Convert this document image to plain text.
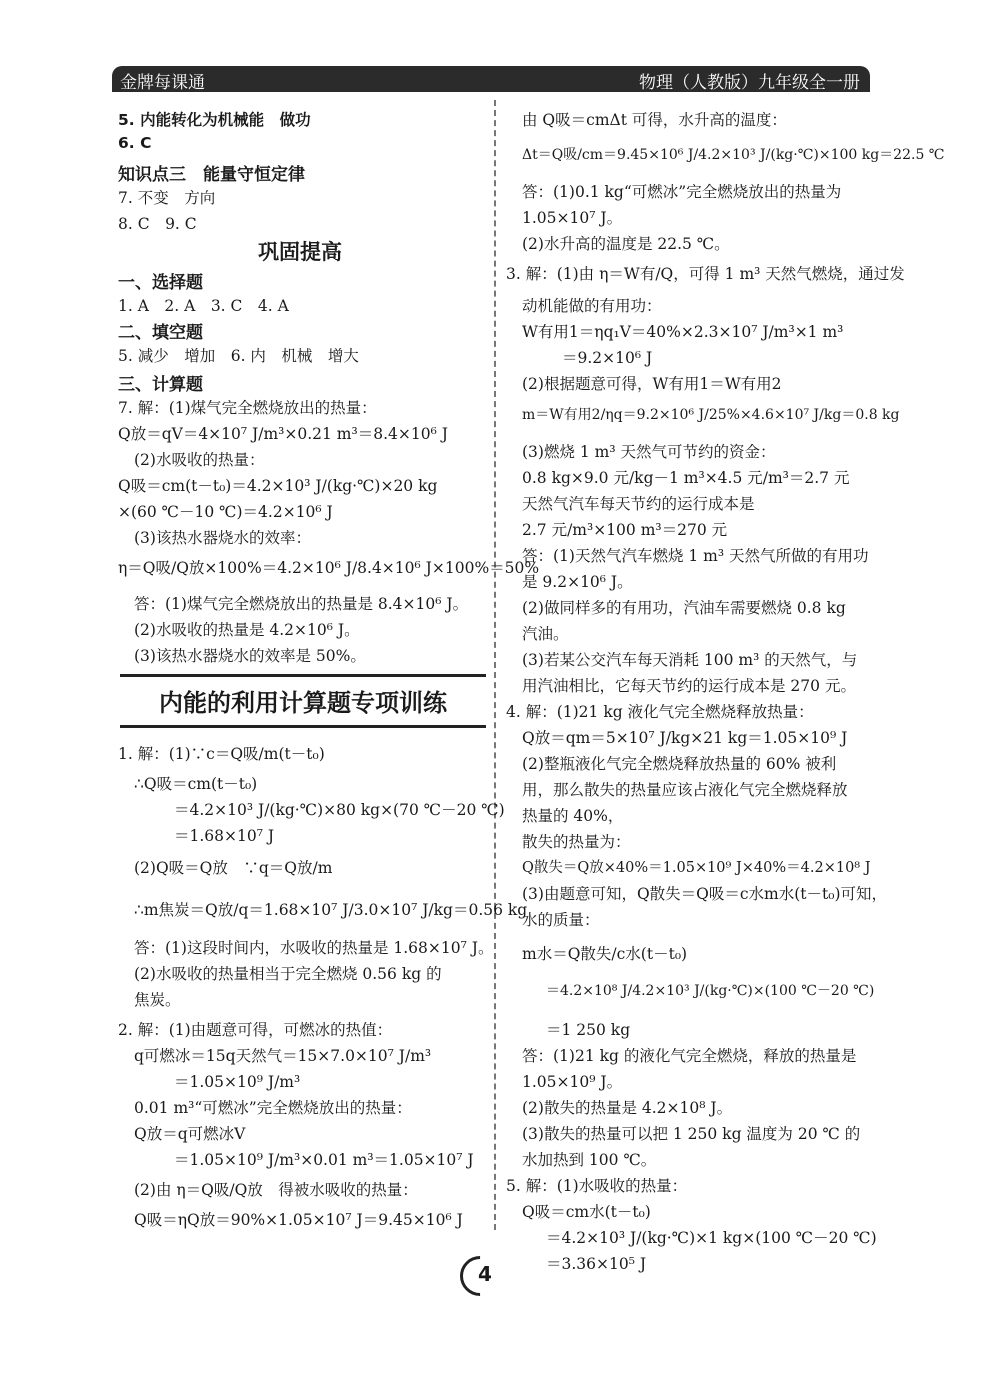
金牌每课通	物理（人教版）九年级全一册
5. 内能转化为机械能　做功
6. C
知识点三　能量守恒定律
7. 不变　方向
8. C　9. C
巩固提高
一、选择题
1. A　2. A　3. C　4. A
二、填空题
5. 减少　增加　6. 内　机械　增大
三、计算题
7. 解：(1)煤气完全燃烧放出的热量：
Q放＝qV＝4×10⁷ J/m³×0.21 m³＝8.4×10⁶ J
(2)水吸收的热量：
Q吸＝cm(t－t₀)＝4.2×10³ J/(kg·℃)×20 kg
×(60 ℃－10 ℃)＝4.2×10⁶ J
(3)该热水器烧水的效率：
η＝Q吸/Q放×100%＝4.2×10⁶ J/8.4×10⁶ J×100%＝50%
答：(1)煤气完全燃烧放出的热量是 8.4×10⁶ J。
(2)水吸收的热量是 4.2×10⁶ J。
(3)该热水器烧水的效率是 50%。
内能的利用计算题专项训练
1. 解：(1)∵c＝Q吸/m(t－t₀)
∴Q吸＝cm(t－t₀)
＝4.2×10³ J/(kg·℃)×80 kg×(70 ℃－20 ℃)
＝1.68×10⁷ J
(2)Q吸＝Q放　∵q＝Q放/m
∴m焦炭＝Q放/q＝1.68×10⁷ J/3.0×10⁷ J/kg＝0.56 kg
答：(1)这段时间内，水吸收的热量是 1.68×10⁷ J。
(2)水吸收的热量相当于完全燃烧 0.56 kg 的
焦炭。
2. 解：(1)由题意可得，可燃冰的热值：
q可燃冰＝15q天然气＝15×7.0×10⁷ J/m³
＝1.05×10⁹ J/m³
0.01 m³“可燃冰”完全燃烧放出的热量：
Q放＝q可燃冰V
＝1.05×10⁹ J/m³×0.01 m³＝1.05×10⁷ J
(2)由 η＝Q吸/Q放　得被水吸收的热量：
Q吸＝ηQ放＝90%×1.05×10⁷ J＝9.45×10⁶ J
由 Q吸＝cmΔt 可得，水升高的温度：
Δt＝Q吸/cm＝9.45×10⁶ J/4.2×10³ J/(kg·℃)×100 kg＝22.5 ℃
答：(1)0.1 kg“可燃冰”完全燃烧放出的热量为
1.05×10⁷ J。
(2)水升高的温度是 22.5 ℃。
3. 解：(1)由 η＝W有/Q，可得 1 m³ 天然气燃烧，通过发
动机能做的有用功：
W有用1＝ηq₁V＝40%×2.3×10⁷ J/m³×1 m³
＝9.2×10⁶ J
(2)根据题意可得，W有用1＝W有用2
m＝W有用2/ηq＝9.2×10⁶ J/25%×4.6×10⁷ J/kg＝0.8 kg
(3)燃烧 1 m³ 天然气可节约的资金：
0.8 kg×9.0 元/kg－1 m³×4.5 元/m³＝2.7 元
天然气汽车每天节约的运行成本是
2.7 元/m³×100 m³＝270 元
答：(1)天然气汽车燃烧 1 m³ 天然气所做的有用功
是 9.2×10⁶ J。
(2)做同样多的有用功，汽油车需要燃烧 0.8 kg
汽油。
(3)若某公交汽车每天消耗 100 m³ 的天然气，与
用汽油相比，它每天节约的运行成本是 270 元。
4. 解：(1)21 kg 液化气完全燃烧释放热量：
Q放＝qm＝5×10⁷ J/kg×21 kg＝1.05×10⁹ J
(2)整瓶液化气完全燃烧释放热量的 60% 被利
用，那么散失的热量应该占液化气完全燃烧释放
热量的 40%，
散失的热量为：
Q散失＝Q放×40%＝1.05×10⁹ J×40%＝4.2×10⁸ J
(3)由题意可知，Q散失＝Q吸＝c水m水(t－t₀)可知，
水的质量：
m水＝Q散失/c水(t－t₀)
＝4.2×10⁸ J/4.2×10³ J/(kg·℃)×(100 ℃－20 ℃)
＝1 250 kg
答：(1)21 kg 的液化气完全燃烧，释放的热量是
1.05×10⁹ J。
(2)散失的热量是 4.2×10⁸ J。
(3)散失的热量可以把 1 250 kg 温度为 20 ℃ 的
水加热到 100 ℃。
5. 解：(1)水吸收的热量：
Q吸＝cm水(t－t₀)
＝4.2×10³ J/(kg·℃)×1 kg×(100 ℃－20 ℃)
＝3.36×10⁵ J
4
